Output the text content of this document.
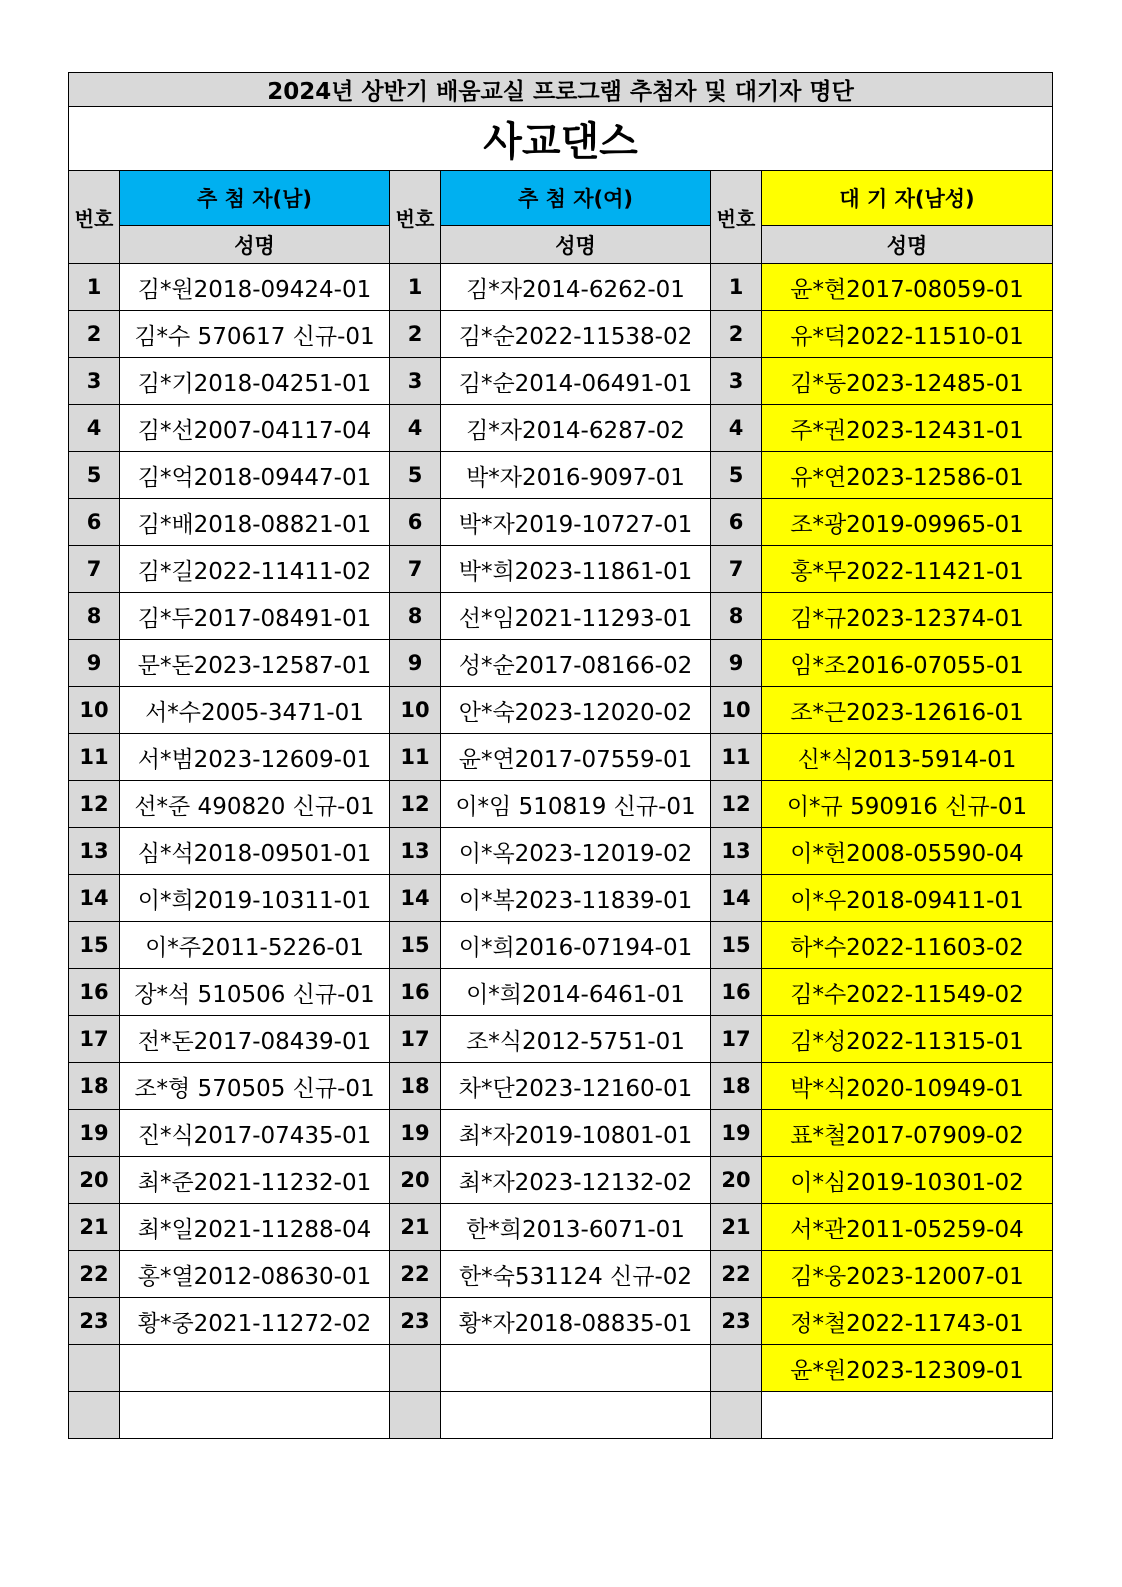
2024년 상반기 배움교실 프로그램 추첨자 및 대기자 명단					
사교댄스					
번호	추 첨 자(남)	번호	추 첨 자(여)	번호	대 기 자(남성)
	성명		성명		성명
1	김*원2018-09424-01	1	김*자2014-6262-01	1	윤*현2017-08059-01
2	김*수 570617 신규-01	2	김*순2022-11538-02	2	유*덕2022-11510-01
3	김*기2018-04251-01	3	김*순2014-06491-01	3	김*동2023-12485-01
4	김*선2007-04117-04	4	김*자2014-6287-02	4	주*권2023-12431-01
5	김*억2018-09447-01	5	박*자2016-9097-01	5	유*연2023-12586-01
6	김*배2018-08821-01	6	박*자2019-10727-01	6	조*광2019-09965-01
7	김*길2022-11411-02	7	박*희2023-11861-01	7	홍*무2022-11421-01
8	김*두2017-08491-01	8	선*임2021-11293-01	8	김*규2023-12374-01
9	문*돈2023-12587-01	9	성*순2017-08166-02	9	임*조2016-07055-01
10	서*수2005-3471-01	10	안*숙2023-12020-02	10	조*근2023-12616-01
11	서*범2023-12609-01	11	윤*연2017-07559-01	11	신*식2013-5914-01
12	선*준 490820 신규-01	12	이*임 510819 신규-01	12	이*규 590916 신규-01
13	심*석2018-09501-01	13	이*옥2023-12019-02	13	이*헌2008-05590-04
14	이*희2019-10311-01	14	이*복2023-11839-01	14	이*우2018-09411-01
15	이*주2011-5226-01	15	이*희2016-07194-01	15	하*수2022-11603-02
16	장*석 510506 신규-01	16	이*희2014-6461-01	16	김*수2022-11549-02
17	전*돈2017-08439-01	17	조*식2012-5751-01	17	김*성2022-11315-01
18	조*형 570505 신규-01	18	차*단2023-12160-01	18	박*식2020-10949-01
19	진*식2017-07435-01	19	최*자2019-10801-01	19	표*철2017-07909-02
20	최*준2021-11232-01	20	최*자2023-12132-02	20	이*심2019-10301-02
21	최*일2021-11288-04	21	한*희2013-6071-01	21	서*관2011-05259-04
22	홍*열2012-08630-01	22	한*숙531124 신규-02	22	김*웅2023-12007-01
23	황*중2021-11272-02	23	황*자2018-08835-01	23	정*철2022-11743-01
					윤*원2023-12309-01
